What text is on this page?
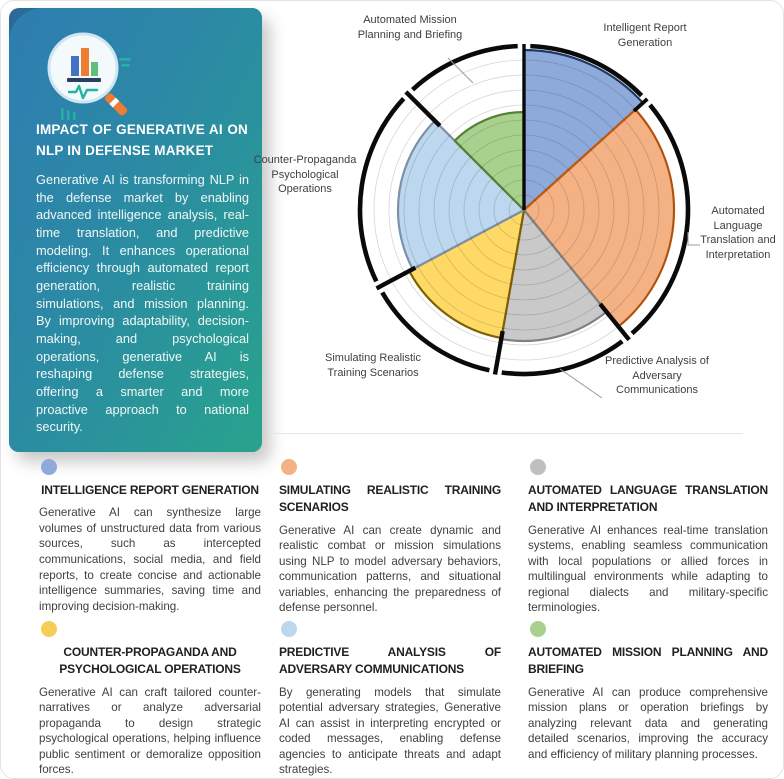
IMPACT OF GENERATIVE AI ON NLP IN DEFENSE MARKET
Generative AI is transforming NLP in the defense market by enabling advanced intelligence analysis, real-time translation, and predictive modeling. It enhances operational efficiency through automated report generation, realistic training simulations, and mission planning. By improving adaptability, decision-making, and psychological operations, generative AI is reshaping defense strategies, offering a smarter and more proactive approach to national security.
Automated Mission Planning and Briefing
Intelligent Report Generation
Automated Language Translation and Interpretation
Predictive Analysis of Adversary Communications
Simulating Realistic Training Scenarios
Counter-Propaganda Psychological Operations
INTELLIGENCE REPORT GENERATION

Generative AI can synthesize large volumes of unstructured data from various sources, such as intercepted communications, social media, and field reports, to create concise and actionable intelligence summaries, saving time and improving decision-making.

SIMULATING REALISTIC TRAINING SCENARIOS

Generative AI can create dynamic and realistic combat or mission simulations using NLP to model adversary behaviors, communication patterns, and situational variables, enhancing the preparedness of defense personnel.

AUTOMATED LANGUAGE TRANSLATION AND INTERPRETATION

Generative AI enhances real-time translation systems, enabling seamless communication with local populations or allied forces in multilingual environments while adapting to regional dialects and military-specific terminologies.

COUNTER-PROPAGANDA AND PSYCHOLOGICAL OPERATIONS

Generative AI can craft tailored counter-narratives or analyze adversarial propaganda to design strategic psychological operations, helping influence public sentiment or demoralize opposition forces.

PREDICTIVE ANALYSIS OF ADVERSARY COMMUNICATIONS

By generating models that simulate potential adversary strategies, Generative AI can assist in interpreting encrypted or coded messages, enabling defense agencies to anticipate threats and adapt strategies.

AUTOMATED MISSION PLANNING AND BRIEFING

Generative AI can produce comprehensive mission plans or operation briefings by analyzing relevant data and generating detailed scenarios, improving the accuracy and efficiency of military planning processes.
